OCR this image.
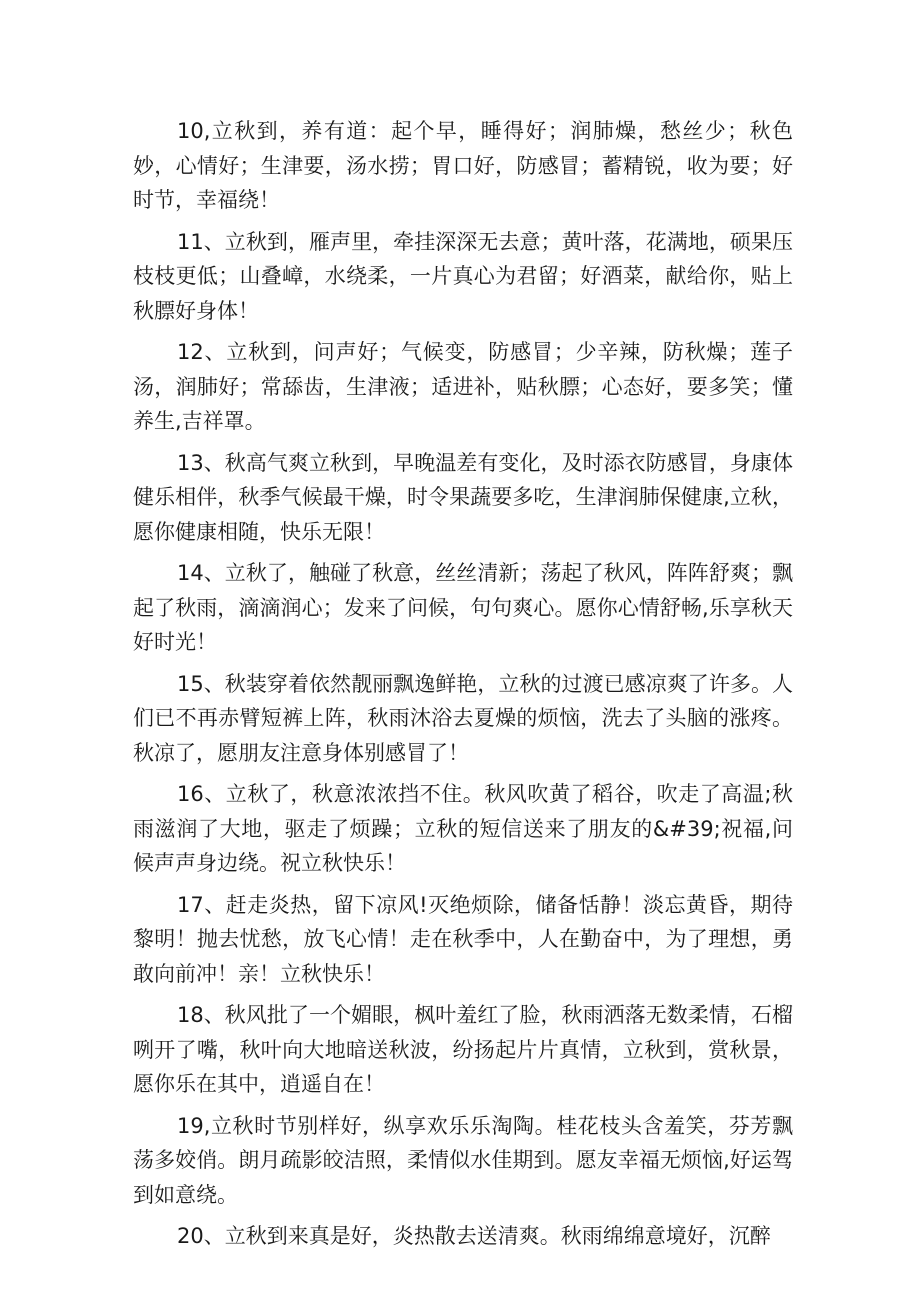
10,立秋到，养有道：起个早，睡得好；润肺燥，愁丝少；秋色妙，心情好；生津要，汤水捞；胃口好，防感冒；蓄精锐，收为要；好时节，幸福绕！

11、立秋到，雁声里，牵挂深深无去意；黄叶落，花满地，硕果压枝枝更低；山叠嶂，水绕柔，一片真心为君留；好酒菜，献给你，贴上秋膘好身体！

12、立秋到，问声好；气候变，防感冒；少辛辣，防秋燥；莲子汤，润肺好；常舔齿，生津液；适进补，贴秋膘；心态好，要多笑；懂养生,吉祥罩。

13、秋高气爽立秋到，早晚温差有变化，及时添衣防感冒，身康体健乐相伴，秋季气候最干燥，时令果蔬要多吃，生津润肺保健康,立秋，愿你健康相随，快乐无限！

14、立秋了，触碰了秋意，丝丝清新；荡起了秋风，阵阵舒爽；飘起了秋雨，滴滴润心；发来了问候，句句爽心。愿你心情舒畅,乐享秋天好时光！

15、秋装穿着依然靓丽飘逸鲜艳，立秋的过渡已感凉爽了许多。人们已不再赤臂短裤上阵，秋雨沐浴去夏燥的烦恼，洗去了头脑的涨疼。秋凉了，愿朋友注意身体别感冒了！

16、立秋了，秋意浓浓挡不住。秋风吹黄了稻谷，吹走了高温;秋雨滋润了大地，驱走了烦躁；立秋的短信送来了朋友的&#39;祝福,问候声声身边绕。祝立秋快乐！

17、赶走炎热，留下凉风!灭绝烦除，储备恬静！淡忘黄昏，期待黎明！抛去忧愁，放飞心情！走在秋季中，人在勤奋中，为了理想，勇敢向前冲！亲！立秋快乐！

18、秋风批了一个媚眼，枫叶羞红了脸，秋雨洒落无数柔情，石榴咧开了嘴，秋叶向大地暗送秋波，纷扬起片片真情，立秋到，赏秋景，愿你乐在其中，逍遥自在！

19,立秋时节别样好，纵享欢乐乐淘陶。桂花枝头含羞笑，芬芳飘荡多姣俏。朗月疏影皎洁照，柔情似水佳期到。愿友幸福无烦恼,好运驾到如意绕。

20、立秋到来真是好，炎热散去送清爽。秋雨绵绵意境好，沉醉
